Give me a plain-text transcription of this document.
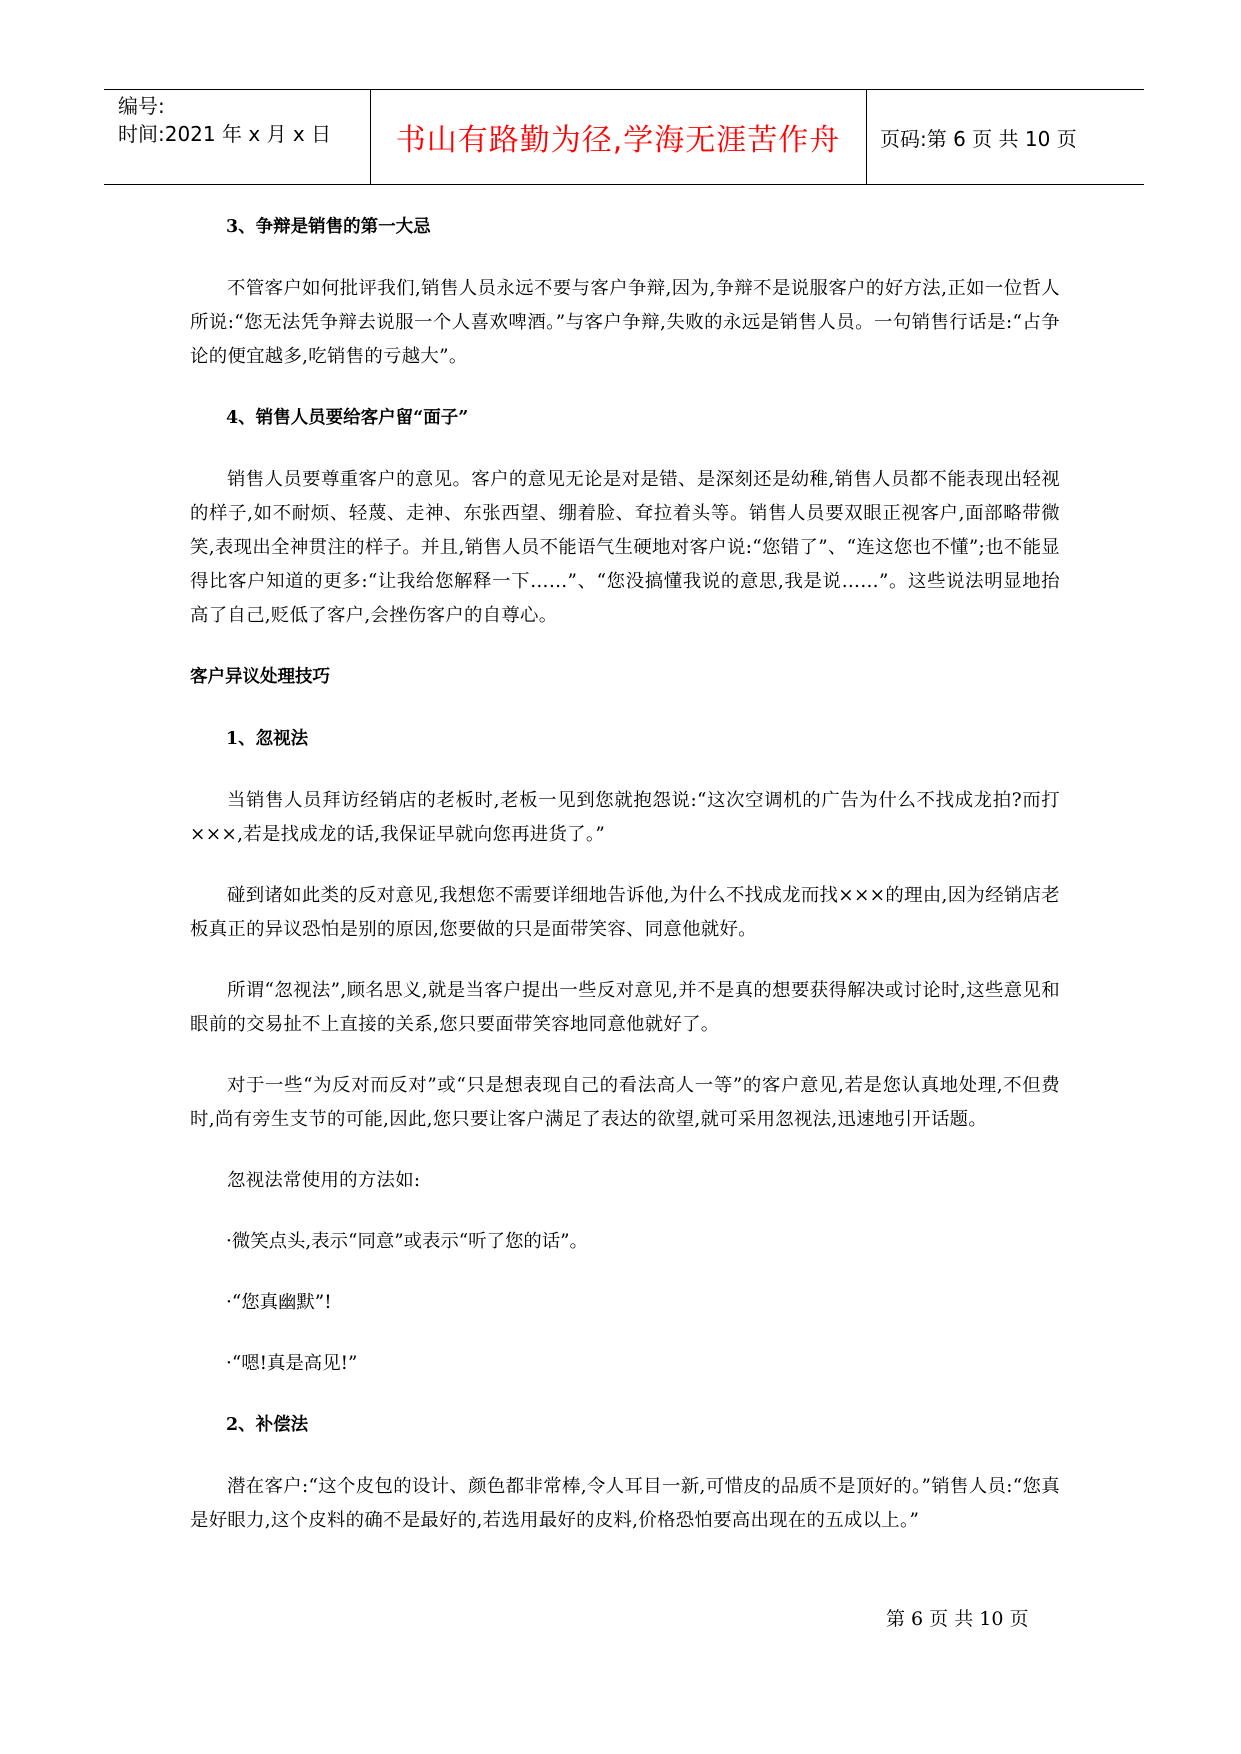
编号:
时间:2021 年 x 月 x 日	书山有路勤为径,学海无涯苦作舟	页码:第 6 页 共 10 页
3、争辩是销售的第一大忌

不管客户如何批评我们,销售人员永远不要与客户争辩,因为,争辩不是说服客户的好方法,正如一位哲人所说:“您无法凭争辩去说服一个人喜欢啤酒。”与客户争辩,失败的永远是销售人员。一句销售行话是:“占争论的便宜越多,吃销售的亏越大”。

4、销售人员要给客户留“面子”

销售人员要尊重客户的意见。客户的意见无论是对是错、是深刻还是幼稚,销售人员都不能表现出轻视的样子,如不耐烦、轻蔑、走神、东张西望、绷着脸、耷拉着头等。销售人员要双眼正视客户,面部略带微笑,表现出全神贯注的样子。并且,销售人员不能语气生硬地对客户说:“您错了”、“连这您也不懂”;也不能显得比客户知道的更多:“让我给您解释一下……”、“您没搞懂我说的意思,我是说……”。这些说法明显地抬高了自己,贬低了客户,会挫伤客户的自尊心。

客户异议处理技巧
1、忽视法

当销售人员拜访经销店的老板时,老板一见到您就抱怨说:“这次空调机的广告为什么不找成龙拍?而打×××,若是找成龙的话,我保证早就向您再进货了。”

碰到诸如此类的反对意见,我想您不需要详细地告诉他,为什么不找成龙而找×××的理由,因为经销店老板真正的异议恐怕是别的原因,您要做的只是面带笑容、同意他就好。

所谓“忽视法”,顾名思义,就是当客户提出一些反对意见,并不是真的想要获得解决或讨论时,这些意见和眼前的交易扯不上直接的关系,您只要面带笑容地同意他就好了。

对于一些“为反对而反对”或“只是想表现自己的看法高人一等”的客户意见,若是您认真地处理,不但费时,尚有旁生支节的可能,因此,您只要让客户满足了表达的欲望,就可采用忽视法,迅速地引开话题。

忽视法常使用的方法如:

·微笑点头,表示“同意”或表示“听了您的话”。
·“您真幽默”!
·“嗯!真是高见!”
2、补偿法

潜在客户:“这个皮包的设计、颜色都非常棒,令人耳目一新,可惜皮的品质不是顶好的。”销售人员:“您真是好眼力,这个皮料的确不是最好的,若选用最好的皮料,价格恐怕要高出现在的五成以上。”

第 6 页 共 10 页
